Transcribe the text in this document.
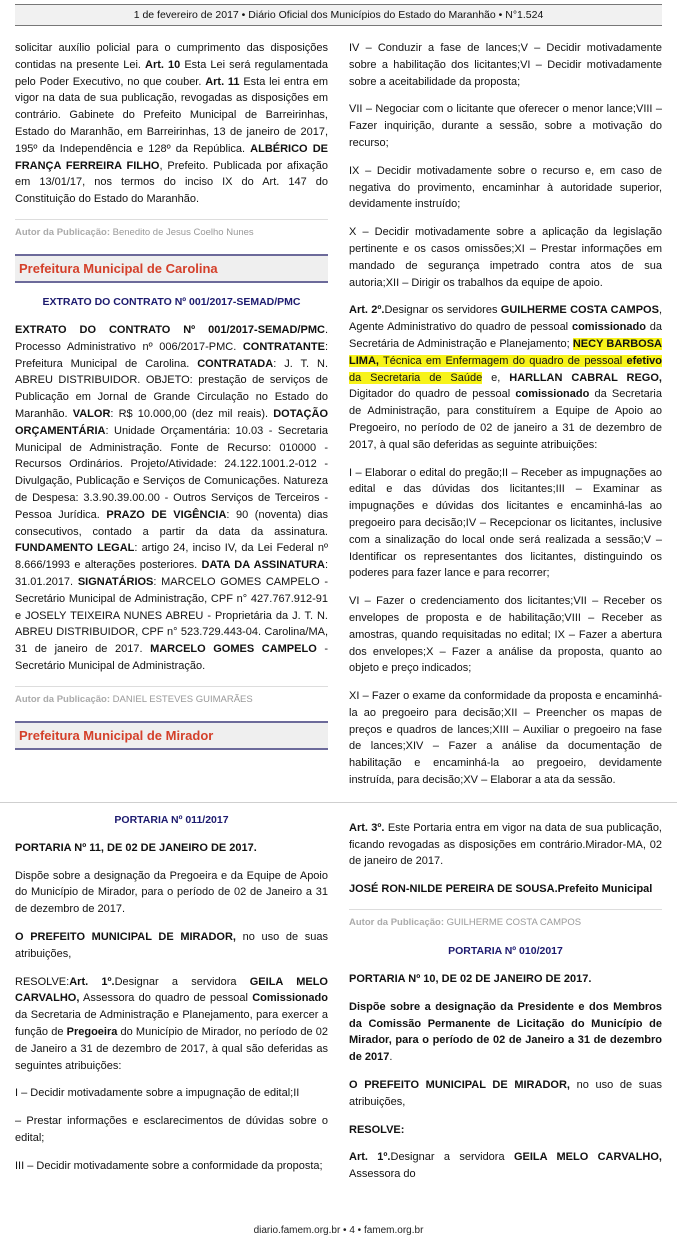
1 de fevereiro de 2017 • Diário Oficial dos Municípios do Estado do Maranhão • N°1.524

solicitar auxílio policial para o cumprimento das disposições contidas na presente Lei. Art. 10 Esta Lei será regulamentada pelo Poder Executivo, no que couber. Art. 11 Esta lei entra em vigor na data de sua publicação, revogadas as disposições em contrário. Gabinete do Prefeito Municipal de Barreirinhas, Estado do Maranhão, em Barreirinhas, 13 de janeiro de 2017, 195º da Independência e 128º da República. ALBÉRICO DE FRANÇA FERREIRA FILHO, Prefeito. Publicada por afixação em 13/01/17, nos termos do inciso IX do Art. 147 do Constituição do Estado do Maranhão.

Autor da Publicação: Benedito de Jesus Coelho Nunes
Prefeitura Municipal de Carolina
EXTRATO DO CONTRATO Nº 001/2017-SEMAD/PMC

EXTRATO DO CONTRATO Nº 001/2017-SEMAD/PMC. Processo Administrativo nº 006/2017-PMC. CONTRATANTE: Prefeitura Municipal de Carolina. CONTRATADA: J. T. N. ABREU DISTRIBUIDOR. OBJETO: prestação de serviços de Publicação em Jornal de Grande Circulação no Estado do Maranhão. VALOR: R$ 10.000,00 (dez mil reais). DOTAÇÃO ORÇAMENTÁRIA: Unidade Orçamentária: 10.03 - Secretaria Municipal de Administração. Fonte de Recurso: 010000 - Recursos Ordinários. Projeto/Atividade: 24.122.1001.2-012 - Divulgação, Publicação e Serviços de Comunicações. Natureza de Despesa: 3.3.90.39.00.00 - Outros Serviços de Terceiros - Pessoa Jurídica. PRAZO DE VIGÊNCIA: 90 (noventa) dias consecutivos, contado a partir da data da assinatura. FUNDAMENTO LEGAL: artigo 24, inciso IV, da Lei Federal nº 8.666/1993 e alterações posteriores. DATA DA ASSINATURA: 31.01.2017. SIGNATÁRIOS: MARCELO GOMES CAMPELO - Secretário Municipal de Administração, CPF n° 427.767.912-91 e JOSELY TEIXEIRA NUNES ABREU - Proprietária da J. T. N. ABREU DISTRIBUIDOR, CPF n° 523.729.443-04. Carolina/MA, 31 de janeiro de 2017. MARCELO GOMES CAMPELO - Secretário Municipal de Administração.

Autor da Publicação: DANIEL ESTEVES GUIMARÃES
Prefeitura Municipal de Mirador

IV – Conduzir a fase de lances;V – Decidir motivadamente sobre a habilitação dos licitantes;VI – Decidir motivadamente sobre a aceitabilidade da proposta;

VII – Negociar com o licitante que oferecer o menor lance;VIII – Fazer inquirição, durante a sessão, sobre a motivação do recurso;

IX – Decidir motivadamente sobre o recurso e, em caso de negativa do provimento, encaminhar à autoridade superior, devidamente instruído;

X – Decidir motivadamente sobre a aplicação da legislação pertinente e os casos omissões;XI – Prestar informações em mandado de segurança impetrado contra atos de sua autoria;XII – Dirigir os trabalhos da equipe de apoio.

Art. 2º.Designar os servidores GUILHERME COSTA CAMPOS, Agente Administrativo do quadro de pessoal comissionado da Secretária de Administração e Planejamento; NECY BARBOSA LIMA, Técnica em Enfermagem do quadro de pessoal efetivo da Secretaria de Saúde e, HARLLAN CABRAL REGO, Digitador do quadro de pessoal comissionado da Secretaria de Administração, para constituírem a Equipe de Apoio ao Pregoeiro, no período de 02 de janeiro a 31 de dezembro de 2017, à qual são deferidas as seguinte atribuições:

I – Elaborar o edital do pregão;II – Receber as impugnações ao edital e das dúvidas dos licitantes;III – Examinar as impugnações e dúvidas dos licitantes e encaminhá-las ao pregoeiro para decisão;IV – Recepcionar os licitantes, inclusive com a sinalização do local onde será realizada a sessão;V – Identificar os representantes dos licitantes, distinguindo os poderes para fazer lance e para recorrer;

VI – Fazer o credenciamento dos licitantes;VII – Receber os envelopes de proposta e de habilitação;VIII – Receber as amostras, quando requisitadas no edital; IX – Fazer a abertura dos envelopes;X – Fazer a análise da proposta, quanto ao objeto e preço indicados;

XI – Fazer o exame da conformidade da proposta e encaminhá-la ao pregoeiro para decisão;XII – Preencher os mapas de preços e quadros de lances;XIII – Auxiliar o pregoeiro na fase de lances;XIV – Fazer a análise da documentação de habilitação e encaminhá-la ao pregoeiro, devidamente instruída, para decisão;XV – Elaborar a ata da sessão.

PORTARIA Nº 011/2017

PORTARIA Nº 11, DE 02 DE JANEIRO DE 2017.

Dispõe sobre a designação da Pregoeira e da Equipe de Apoio do Município de Mirador, para o período de 02 de Janeiro a 31 de dezembro de 2017.

O PREFEITO MUNICIPAL DE MIRADOR, no uso de suas atribuições,

RESOLVE:Art. 1º.Designar a servidora GEILA MELO CARVALHO, Assessora do quadro de pessoal Comissionado da Secretaria de Administração e Planejamento, para exercer a função de Pregoeira do Município de Mirador, no período de 02 de Janeiro a 31 de dezembro de 2017, à qual são deferidas as seguintes atribuições:

I – Decidir motivadamente sobre a impugnação de edital;II

– Prestar informações e esclarecimentos de dúvidas sobre o edital;

III – Decidir motivadamente sobre a conformidade da proposta;

Art. 3º. Este Portaria entra em vigor na data de sua publicação, ficando revogadas as disposições em contrário.Mirador-MA, 02 de janeiro de 2017.

JOSÉ RON-NILDE PEREIRA DE SOUSA.Prefeito Municipal

Autor da Publicação: GUILHERME COSTA CAMPOS
PORTARIA Nº 010/2017

PORTARIA Nº 10, DE 02 DE JANEIRO DE 2017.

Dispõe sobre a designação da Presidente e dos Membros da Comissão Permanente de Licitação do Município de Mirador, para o período de 02 de Janeiro a 31 de dezembro de 2017.

O PREFEITO MUNICIPAL DE MIRADOR, no uso de suas atribuições,

RESOLVE:

Art. 1º.Designar a servidora GEILA MELO CARVALHO, Assessora do

diario.famem.org.br • 4 • famem.org.br
